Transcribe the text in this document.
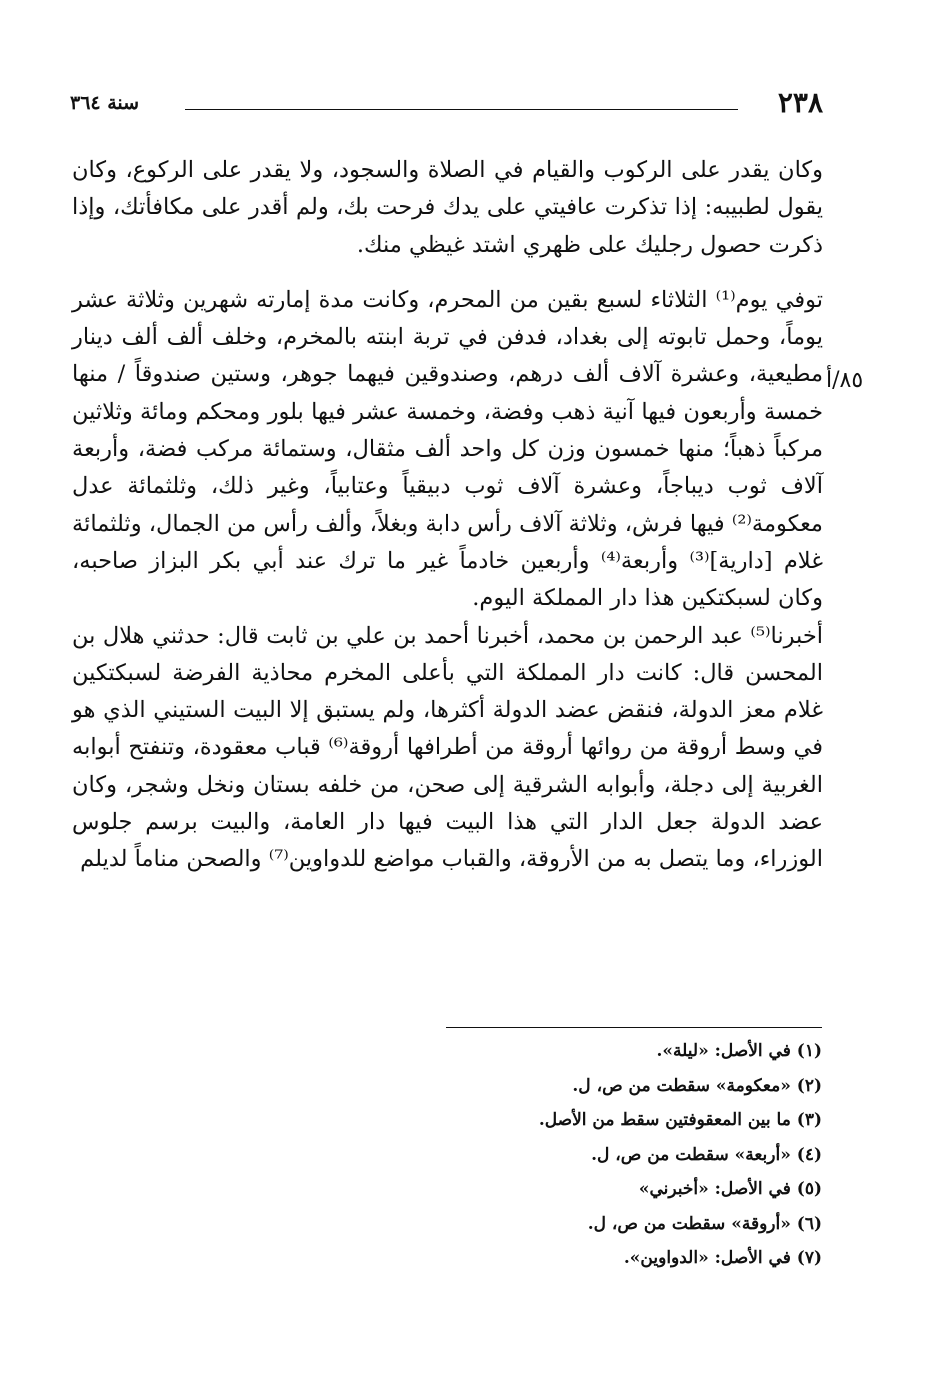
٢٣٨
سنة ٣٦٤
٨٥/أ

وكان يقدر على الركوب والقيام في الصلاة والسجود، ولا يقدر على الركوع، وكان يقول لطبيبه: إذا تذكرت عافيتي على يدك فرحت بك، ولم أقدر على مكافأتك، وإذا ذكرت حصول رجليك على ظهري اشتد غيظي منك.

توفي يوم⁽¹⁾ الثلاثاء لسبع بقين من المحرم، وكانت مدة إمارته شهرين وثلاثة عشر يوماً، وحمل تابوته إلى بغداد، فدفن في تربة ابنته بالمخرم، وخلف ألف ألف دينار مطيعية، وعشرة آلاف ألف درهم، وصندوقين فيهما جوهر، وستين صندوقاً / منها خمسة وأربعون فيها آنية ذهب وفضة، وخمسة عشر فيها بلور ومحكم ومائة وثلاثين مركباً ذهباً؛ منها خمسون وزن كل واحد ألف مثقال، وستمائة مركب فضة، وأربعة آلاف ثوب ديباجاً، وعشرة آلاف ثوب دبيقياً وعتابياً، وغير ذلك، وثلثمائة عدل معكومة⁽²⁾ فيها فرش، وثلاثة آلاف رأس دابة وبغلاً، وألف رأس من الجمال، وثلثمائة غلام [دارية]⁽³⁾ وأربعة⁽⁴⁾ وأربعين خادماً غير ما ترك عند أبي بكر البزاز صاحبه، وكان لسبكتكين هذا دار المملكة اليوم.

أخبرنا⁽⁵⁾ عبد الرحمن بن محمد، أخبرنا أحمد بن علي بن ثابت قال: حدثني هلال بن المحسن قال: كانت دار المملكة التي بأعلى المخرم محاذية الفرضة لسبكتكين غلام معز الدولة، فنقض عضد الدولة أكثرها، ولم يستبق إلا البيت الستيني الذي هو في وسط أروقة من روائها أروقة من أطرافها أروقة⁽⁶⁾ قباب معقودة، وتنفتح أبوابه الغربية إلى دجلة، وأبوابه الشرقية إلى صحن، من خلفه بستان ونخل وشجر، وكان عضد الدولة جعل الدار التي هذا البيت فيها دار العامة، والبيت برسم جلوس الوزراء، وما يتصل به من الأروقة، والقباب مواضع للدواوين⁽⁷⁾ والصحن مناماً لديلم

(١) في الأصل: «ليلة».
(٢) «معكومة» سقطت من ص، ل.
(٣) ما بين المعقوفتين سقط من الأصل.
(٤) «أربعة» سقطت من ص، ل.
(٥) في الأصل: «أخبرني»
(٦) «أروقة» سقطت من ص، ل.
(٧) في الأصل: «الدواوين».
